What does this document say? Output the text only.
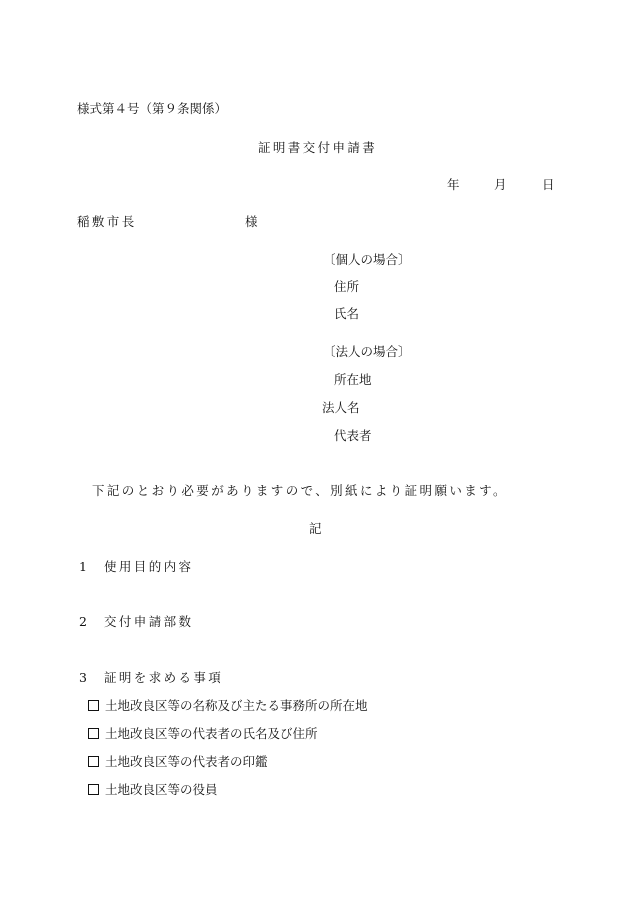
様式第４号（第９条関係）
証明書交付申請書
年	月	日
稲敷市長	様
〔個人の場合〕
住所
氏名
〔法人の場合〕
所在地
法人名
代表者
下記のとおり必要がありますので、別紙により証明願います。
記
1 使用目的内容
2 交付申請部数
3 証明を求める事項
土地改良区等の名称及び主たる事務所の所在地
土地改良区等の代表者の氏名及び住所
土地改良区等の代表者の印鑑
土地改良区等の役員
